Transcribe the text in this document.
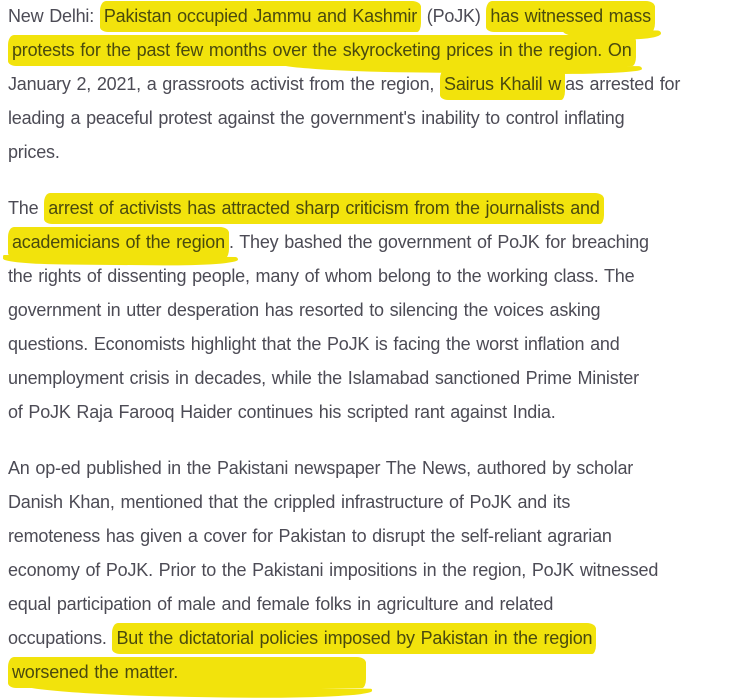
New Delhi: Pakistan occupied Jammu and Kashmir (PoJK) has witnessed mass
protests for the past few months over the skyrocketing prices in the region. On
January 2, 2021, a grassroots activist from the region, Sairus Khalil w as arrested for
leading a peaceful protest against the government's inability to control inflating
prices.
The arrest of activists has attracted sharp criticism from the journalists and
academicians of the region . They bashed the government of PoJK for breaching
the rights of dissenting people, many of whom belong to the working class. The
government in utter desperation has resorted to silencing the voices asking
questions. Economists highlight that the PoJK is facing the worst inflation and
unemployment crisis in decades, while the Islamabad sanctioned Prime Minister
of PoJK Raja Farooq Haider continues his scripted rant against India.
An op-ed published in the Pakistani newspaper The News, authored by scholar
Danish Khan, mentioned that the crippled infrastructure of PoJK and its
remoteness has given a cover for Pakistan to disrupt the self-reliant agrarian
economy of PoJK. Prior to the Pakistani impositions in the region, PoJK witnessed
equal participation of male and female folks in agriculture and related
occupations. But the dictatorial policies imposed by Pakistan in the region
worsened the matter.
